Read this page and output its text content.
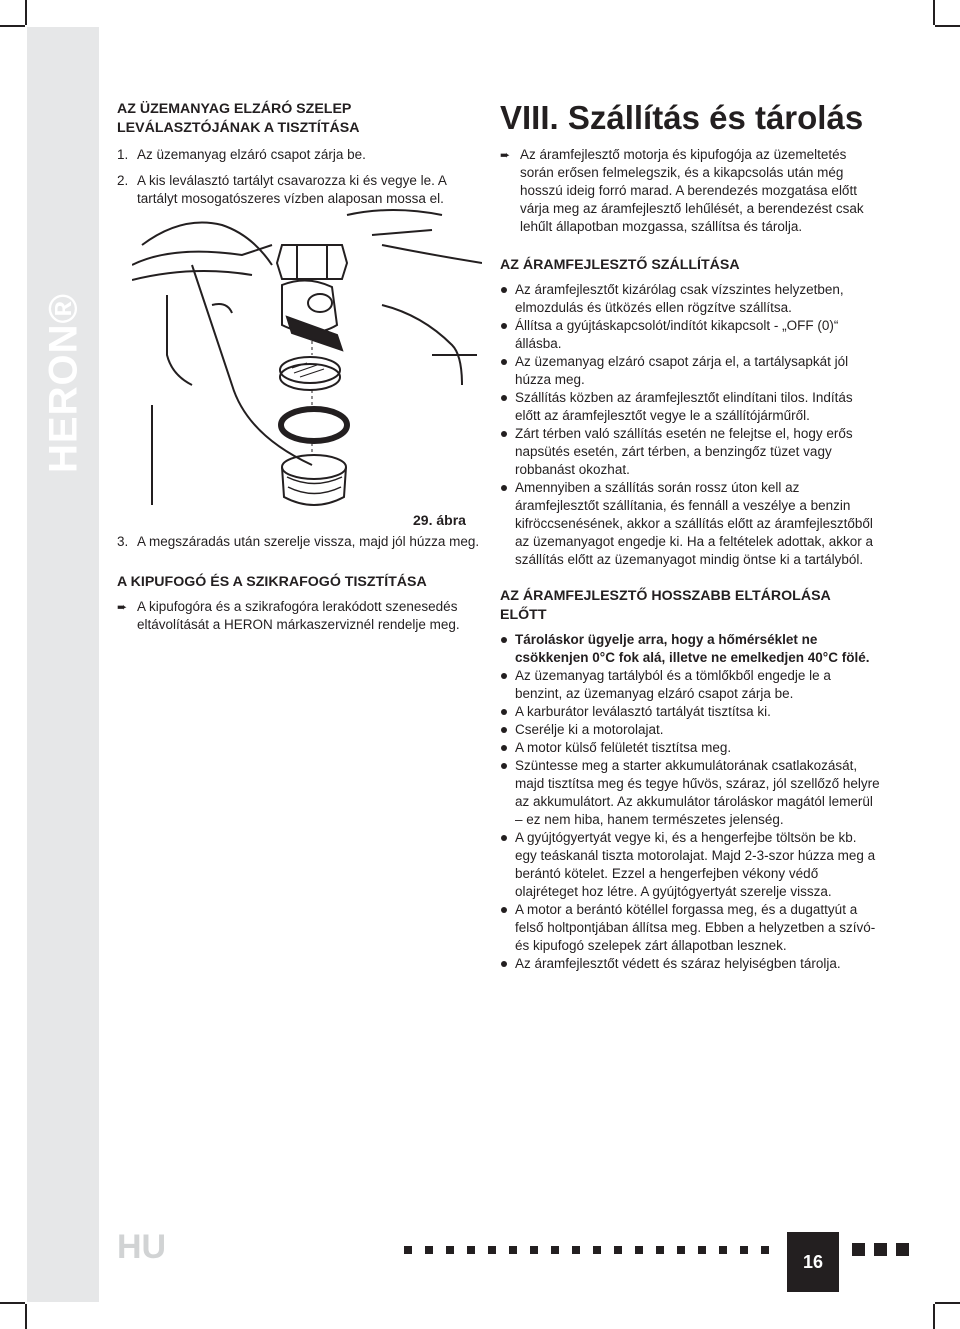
HERON®
AZ ÜZEMANYAG ELZÁRÓ SZELEP
LEVÁLASZTÓJÁNAK A TISZTÍTÁSA
1. Az üzemanyag elzáró csapot zárja be.
2. A kis leválasztó tartályt csavarozza ki és vegye le. A tartályt mosogatószeres vízben alaposan mossa el.
29. ábra
3. A megszáradás után szerelje vissza, majd jól húzza meg.
A KIPUFOGÓ ÉS A SZIKRAFOGÓ TISZTÍTÁSA
➨ A kipufogóra és a szikrafogóra lerakódott szenesedés eltávolítását a HERON márkaszerviznél rendelje meg.
VIII. Szállítás és tárolás
➨ Az áramfejlesztő motorja és kipufogója az üzemeltetés során erősen felmelegszik, és a kikapcsolás után még hosszú ideig forró marad. A berendezés mozgatása előtt várja meg az áramfejlesztő lehűlését, a berendezést csak lehűlt állapotban mozgassa, szállítsa és tárolja.
AZ ÁRAMFEJLESZTŐ SZÁLLÍTÁSA
Az áramfejlesztőt kizárólag csak vízszintes helyzetben, elmozdulás és ütközés ellen rögzítve szállítsa.
Állítsa a gyújtáskapcsolót/indítót kikapcsolt - „OFF (0)“ állásba.
Az üzemanyag elzáró csapot zárja el, a tartálysapkát jól húzza meg.
Szállítás közben az áramfejlesztőt elindítani tilos. Indítás előtt az áramfejlesztőt vegye le a szállítójárműről.
Zárt térben való szállítás esetén ne felejtse el, hogy erős napsütés esetén, zárt térben, a benzingőz tüzet vagy robbanást okozhat.
Amennyiben a szállítás során rossz úton kell az áramfejlesztőt szállítania, és fennáll a veszélye a benzin kifröccsenésének, akkor a szállítás előtt az áramfejlesztőből az üzemanyagot engedje ki. Ha a feltételek adottak, akkor a szállítás előtt az üzemanyagot mindig öntse ki a tartályból.
AZ ÁRAMFEJLESZTŐ HOSSZABB ELTÁROLÁSA ELŐTT
Tároláskor ügyelje arra, hogy a hőmérséklet ne csökkenjen 0°C fok alá, illetve ne emelkedjen 40°C fölé.
Az üzemanyag tartályból és a tömlőkből engedje le a benzint, az üzemanyag elzáró csapot zárja be.
A karburátor leválasztó tartályát tisztítsa ki.
Cserélje ki a motorolajat.
A motor külső felületét tisztítsa meg.
Szüntesse meg a starter akkumulátorának csatlakozását, majd tisztítsa meg és tegye hűvös, száraz, jól szellőző helyre az akkumulátort. Az akkumulátor tároláskor magától lemerül – ez nem hiba, hanem természetes jelenség.
A gyújtógyertyát vegye ki, és a hengerfejbe töltsön be kb. egy teáskanál tiszta motorolajat. Majd 2-3-szor húzza meg a berántó kötelet. Ezzel a hengerfejben vékony védő olajréteget hoz létre. A gyújtógyertyát szerelje vissza.
A motor a berántó kötéllel forgassa meg, és a dugattyút a felső holtpontjában állítsa meg. Ebben a helyzetben a szívó- és kipufogó szelepek zárt állapotban lesznek.
Az áramfejlesztőt védett és száraz helyiségben tárolja.
HU	16
